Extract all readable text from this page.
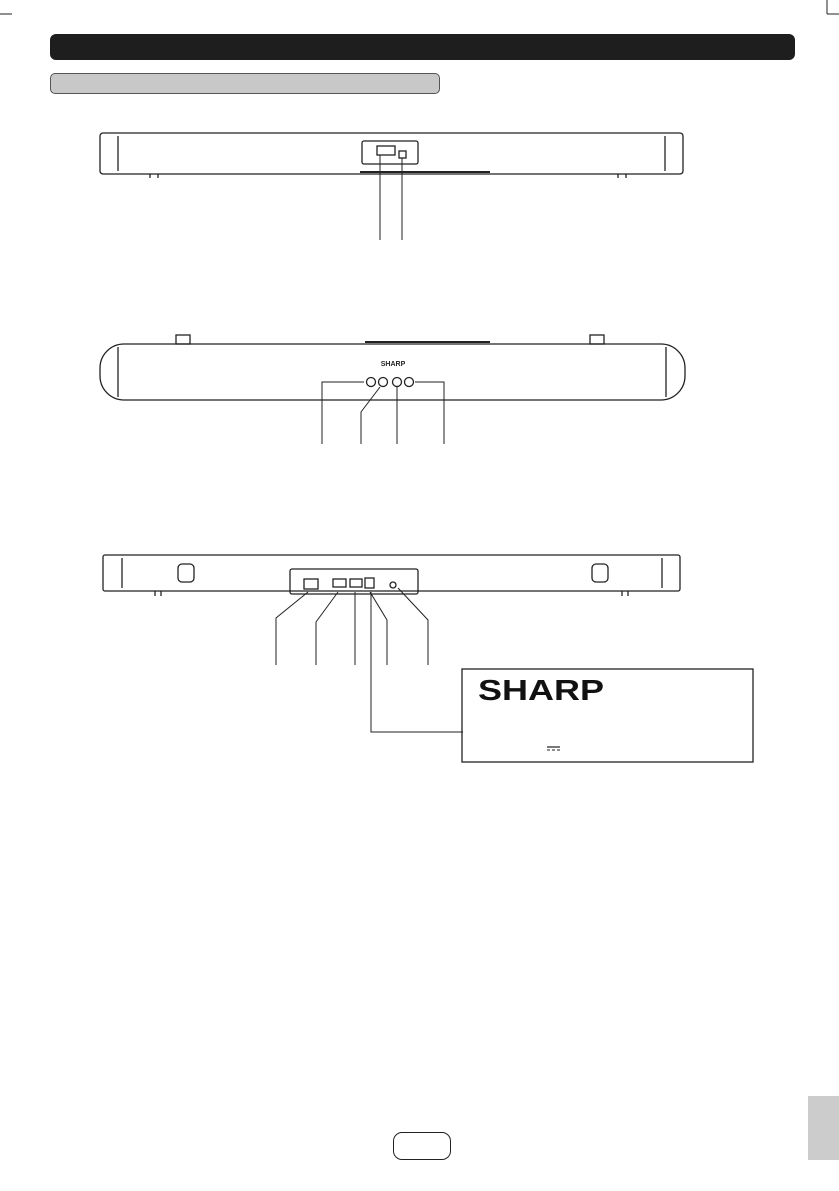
SHARP
SHARP
